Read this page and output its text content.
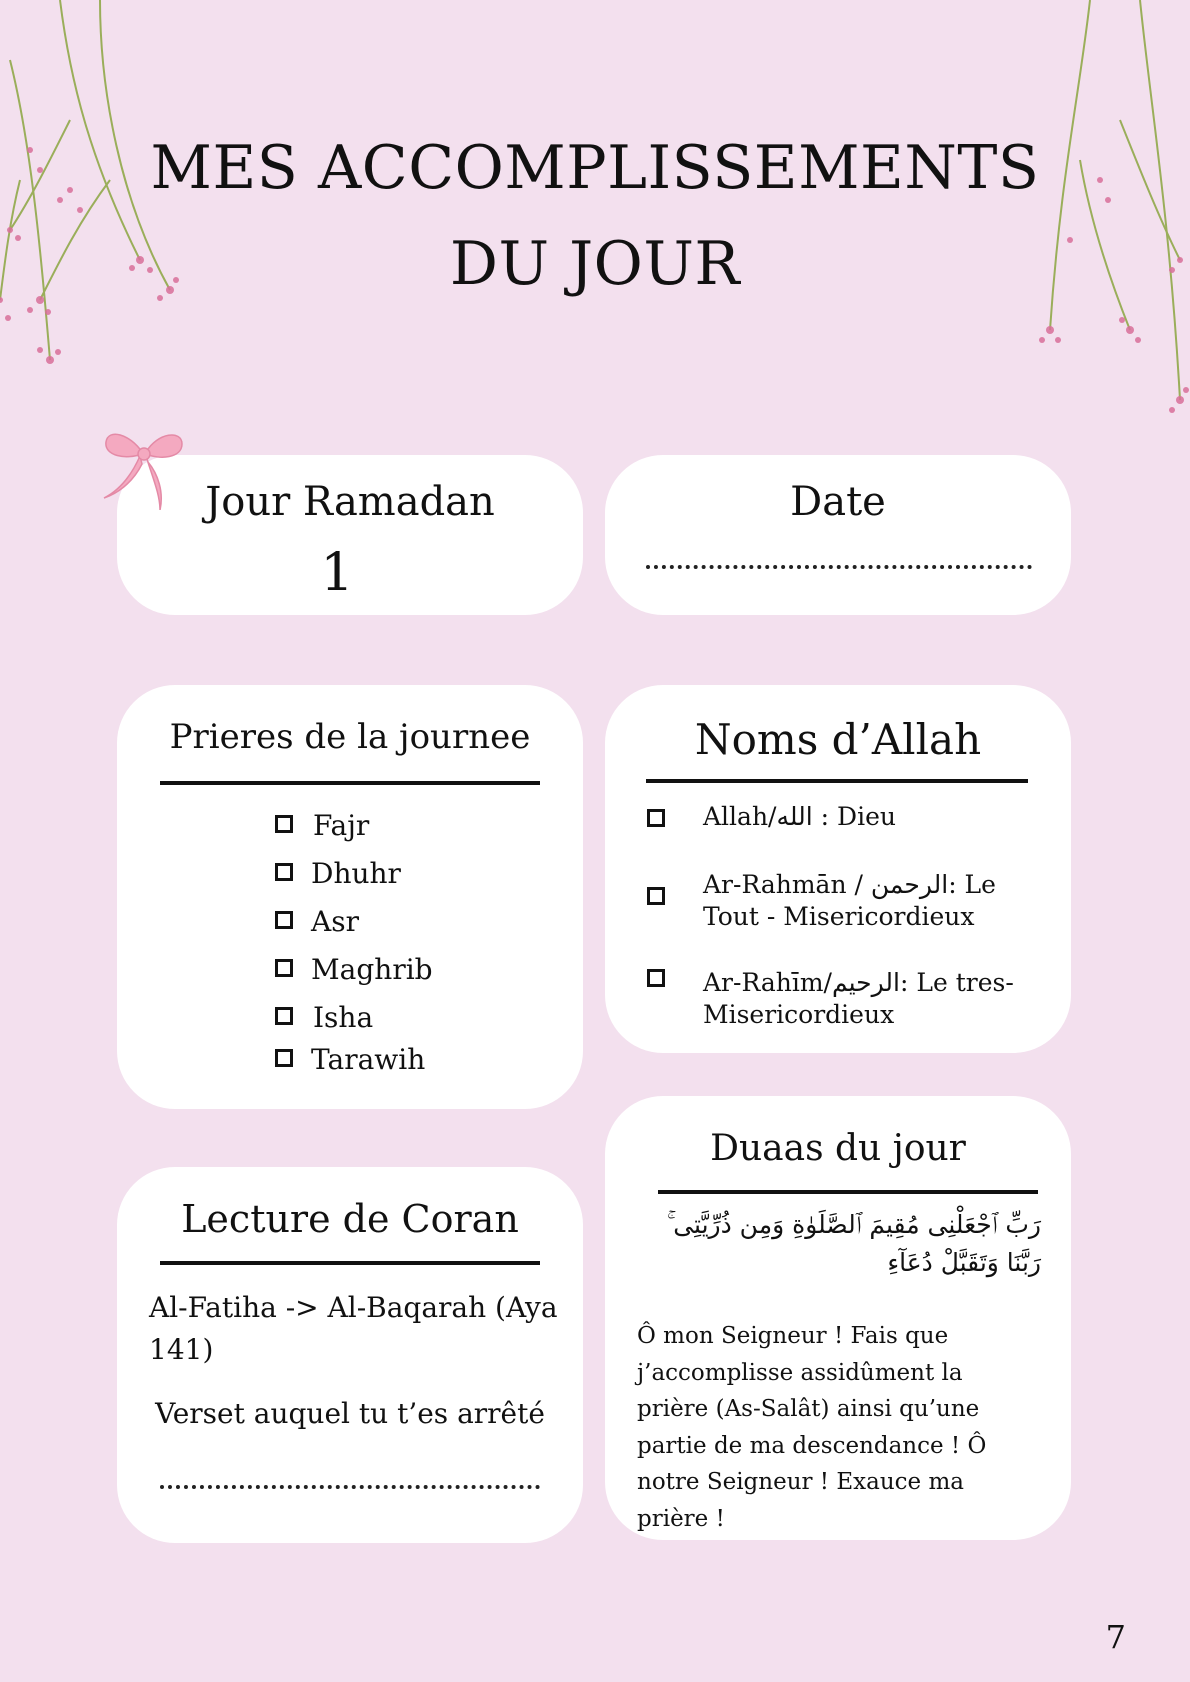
MES ACCOMPLISSEMENTS
DU JOUR
Jour Ramadan
1
Date
Prieres de la journee
Fajr
Dhuhr
Asr
Maghrib
Isha
Tarawih
Noms d’Allah
Allah/الله : Dieu
Ar-Rahmān / الرحمن: Le Tout - Misericordieux
Ar-Rahīm/الرحيم: Le tres-Misericordieux
Lecture de Coran
Al-Fatiha -> Al-Baqarah (Aya 141)
Verset auquel tu t’es arrêté
Duaas du jour
رَبِّ ٱجْعَلْنِى مُقِيمَ ٱلصَّلَوٰةِ وَمِن ذُرِّيَّتِى ۚ رَبَّنَا وَتَقَبَّلْ دُعَآءِ
Ô mon Seigneur ! Fais que j’accomplisse assidûment la prière (As-Salât) ainsi qu’une partie de ma descendance ! Ô notre Seigneur ! Exauce ma prière !
7
